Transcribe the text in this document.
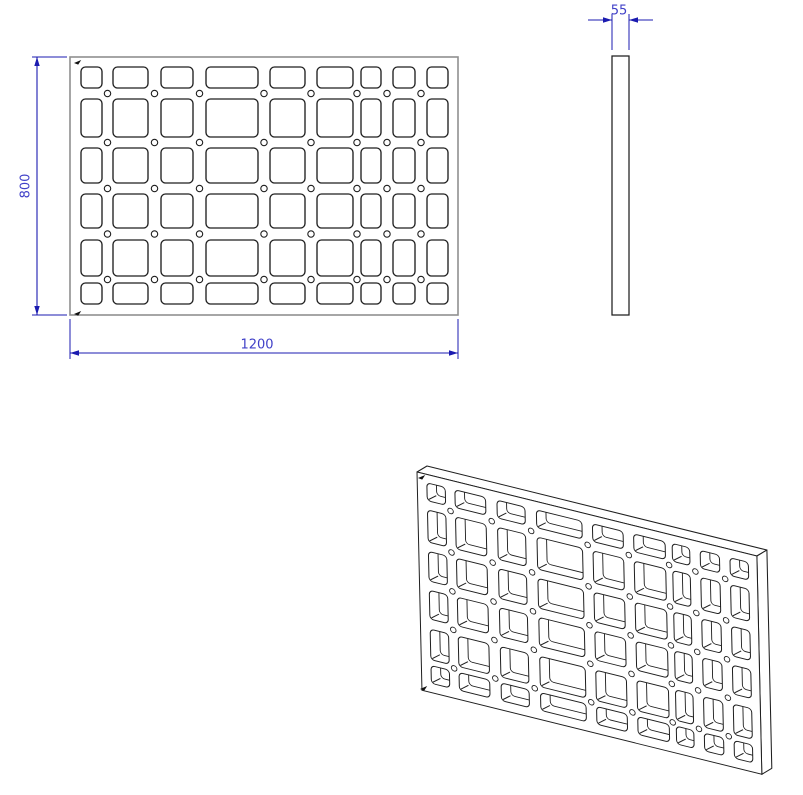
800
1200
55
